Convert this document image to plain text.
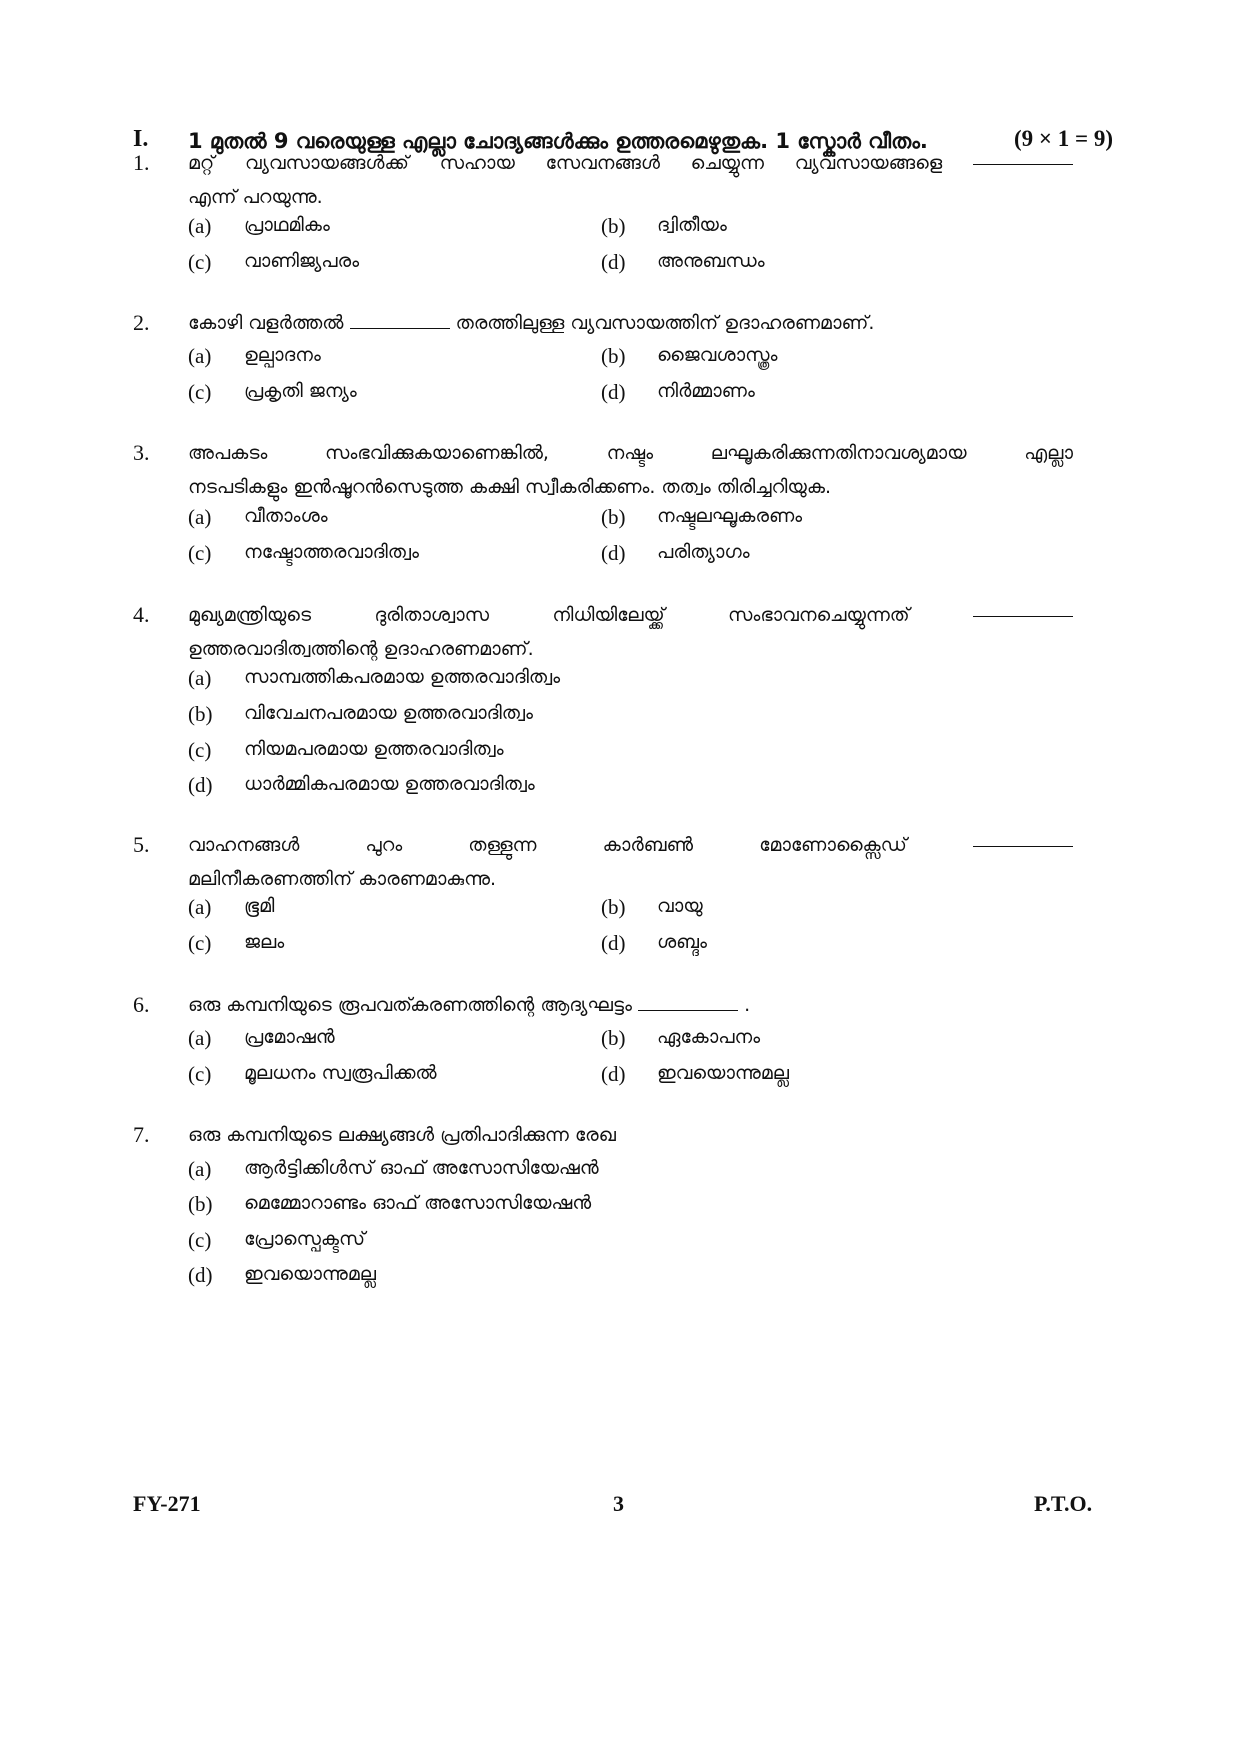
I. 1 മുതൽ 9 വരെയുള്ള എല്ലാ ചോദ്യങ്ങൾക്കും ഉത്തരമെഴുതുക. 1 സ്കോർ വീതം.	(9 × 1 = 9)
1. മറ്റ് വ്യവസായങ്ങൾക്ക് സഹായ സേവനങ്ങൾ ചെയ്യുന്ന വ്യവസായങ്ങളെ
എന്ന് പറയുന്നു.
(a) പ്രാഥമികം	(b) ദ്വിതീയം
(c) വാണിജ്യപരം	(d) അനുബന്ധം
2. കോഴി വളർത്തൽ	തരത്തിലുള്ള വ്യവസായത്തിന് ഉദാഹരണമാണ്.
(a) ഉല്പാദനം	(b) ജൈവശാസ്ത്രം
(c) പ്രകൃതി ജന്യം	(d) നിർമ്മാണം
3. അപകടം	സംഭവിക്കുകയാണെങ്കിൽ,	നഷ്ടം	ലഘൂകരിക്കുന്നതിനാവശ്യമായ	എല്ലാ
നടപടികളും ഇൻഷൂറൻസെടുത്ത കക്ഷി സ്വീകരിക്കണം. തത്വം തിരിച്ചറിയുക.
(a) വീതാംശം	(b) നഷ്ടലഘൂകരണം
(c) നഷ്ടോത്തരവാദിത്വം	(d) പരിത്യാഗം
4. മുഖ്യമന്ത്രിയുടെ	ദുരിതാശ്വാസ	നിധിയിലേയ്ക്ക്	സംഭാവനചെയ്യുന്നത്
ഉത്തരവാദിത്വത്തിന്റെ ഉദാഹരണമാണ്.
(a) സാമ്പത്തികപരമായ ഉത്തരവാദിത്വം
(b) വിവേചനപരമായ ഉത്തരവാദിത്വം
(c) നിയമപരമായ ഉത്തരവാദിത്വം
(d) ധാർമ്മികപരമായ ഉത്തരവാദിത്വം
5. വാഹനങ്ങൾ	പുറം	തള്ളുന്ന	കാർബൺ	മോണോക്സൈഡ്
മലിനീകരണത്തിന് കാരണമാകുന്നു.
(a) ഭൂമി	(b) വായു
(c) ജലം	(d) ശബ്ദം
6. ഒരു കമ്പനിയുടെ രൂപവത്കരണത്തിന്റെ ആദ്യഘട്ടം	.
(a) പ്രമോഷൻ	(b) ഏകോപനം
(c) മൂലധനം സ്വരൂപിക്കൽ	(d) ഇവയൊന്നുമല്ല
7. ഒരു കമ്പനിയുടെ ലക്ഷ്യങ്ങൾ പ്രതിപാദിക്കുന്ന രേഖ
(a) ആർട്ടിക്കിൾസ് ഓഫ് അസോസിയേഷൻ
(b) മെമ്മോറാണ്ടം ഓഫ് അസോസിയേഷൻ
(c) പ്രോസ്പെക്ടസ്
(d) ഇവയൊന്നുമല്ല
FY-271	3	P.T.O.
